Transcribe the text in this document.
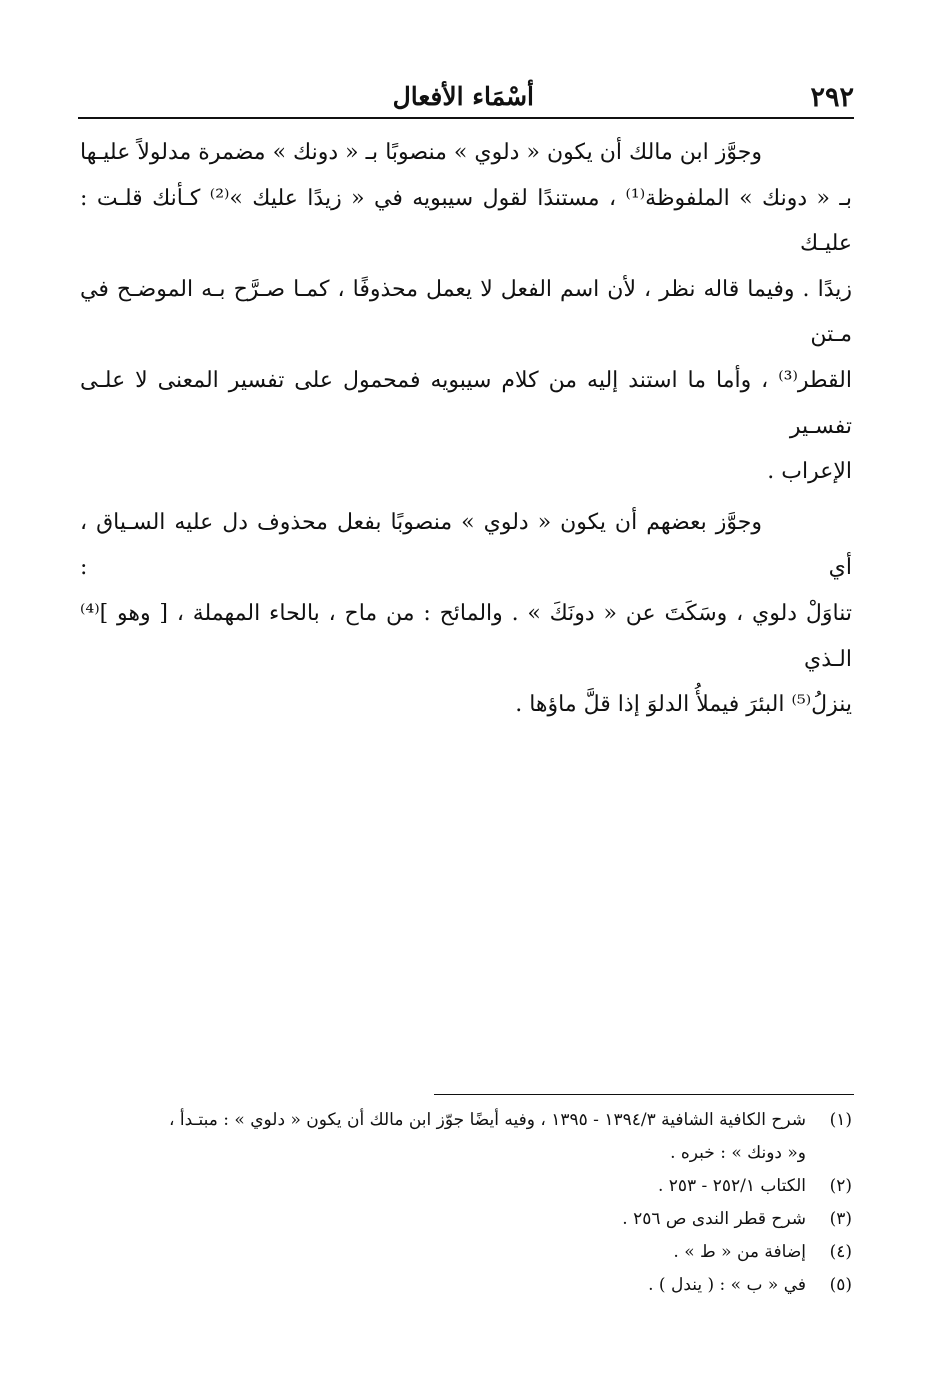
٢٩٢
أسْمَاء الأفعال

وجوَّز ابن مالك أن يكون « دلوي » منصوبًا بـ « دونك » مضمرة مدلولاً عليـها
بـ « دونك » الملفوظة⁽¹⁾ ، مستندًا لقول سيبويه في « زيدًا عليك »⁽²⁾ كـأنك قلـت : عليـك
زيدًا . وفيما قاله نظر ، لأن اسم الفعل لا يعمل محذوفًا ، كمـا صـرَّح بـه الموضـح في مـتن
القطر⁽³⁾ ، وأما ما استند إليه من كلام سيبويه فمحمول على تفسير المعنى لا علـى تفسـير
الإعراب .

وجوَّز بعضهم أن يكون « دلوي » منصوبًا بفعل محذوف دل عليه السـياق ، أي :
تناوَلْ دلوي ، وسَكَتَ عن « دونَكَ » . والمائح : من ماح ، بالحاء المهملة ، [ وهو ]⁽⁴⁾ الـذي
ينزلُ⁽⁵⁾ البئرَ فيملأُ الدلوَ إذا قلَّ ماؤها .

(١)
شرح الكافية الشافية ١٣٩٤/٣ - ١٣٩٥ ، وفيه أيضًا جوّز ابن مالك أن يكون « دلوي » : مبتـدأ ،
و« دونك » : خبره .
(٢)
الكتاب ٢٥٢/١ - ٢٥٣ .
(٣)
شرح قطر الندى ص ٢٥٦ .
(٤)
إضافة من « ط » .
(٥)
في « ب » : ( يندل ) .
